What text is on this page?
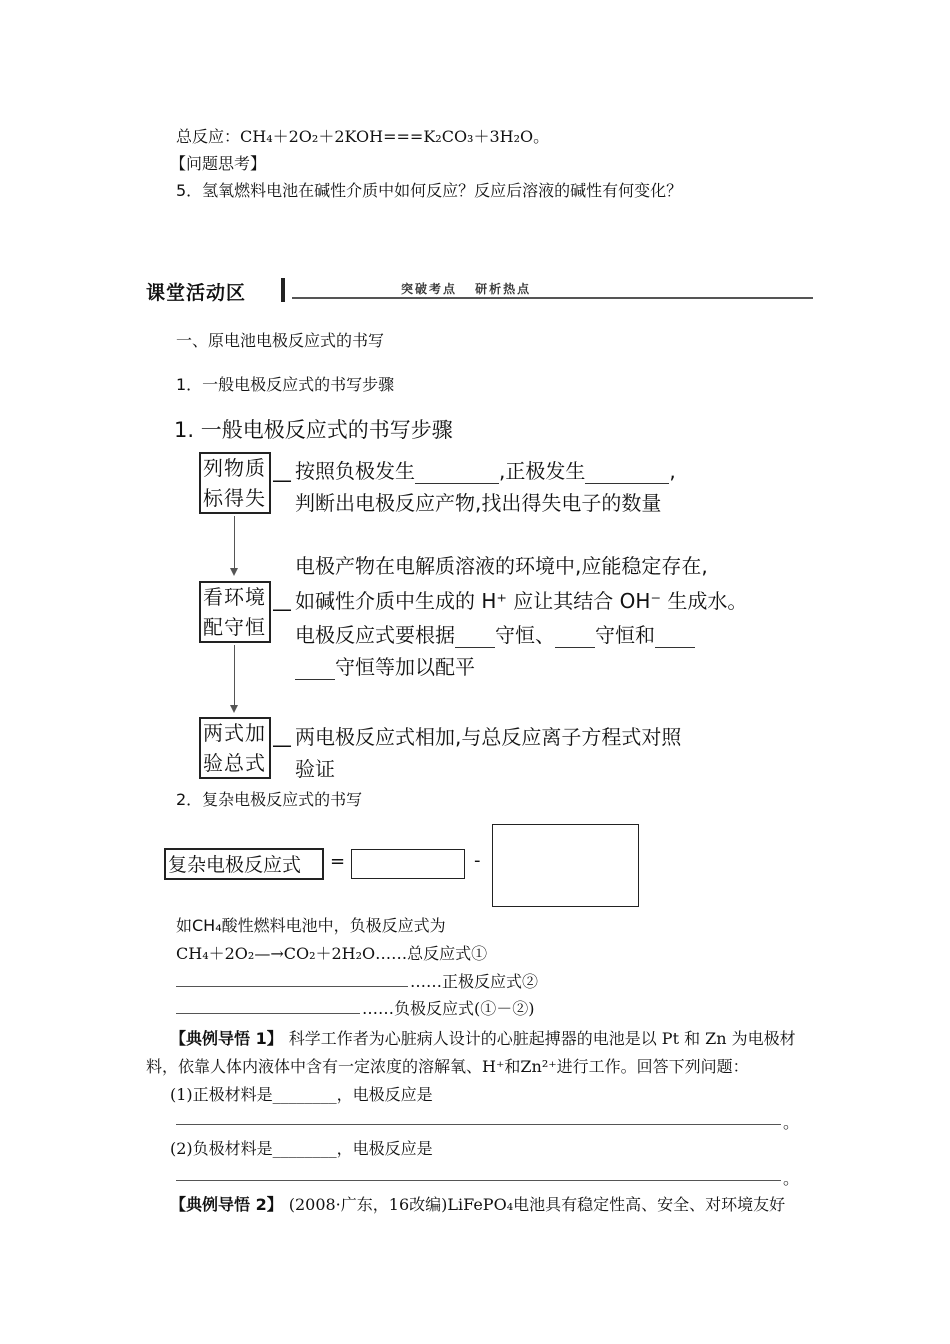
总反应：CH₄＋2O₂＋2KOH===K₂CO₃＋3H₂O。
【问题思考】
5．氢氧燃料电池在碱性介质中如何反应？反应后溶液的碱性有何变化？
课堂活动区	突破考点 研析热点
一、原电池电极反应式的书写
1．一般电极反应式的书写步骤
1. 一般电极反应式的书写步骤
列物质
标得失
— 按照负极发生	,正极发生	,
判断出电极反应产物,找出得失电子的数量
电极产物在电解质溶液的环境中,应能稳定存在,
看环境
配守恒
— 如碱性介质中生成的 H⁺ 应让其结合 OH⁻ 生成水。
电极反应式要根据 守恒、 守恒和
守恒等加以配平
两式加
验总式
— 两电极反应式相加,与总反应离子方程式对照
验证
2．复杂电极反应式的书写
复杂电极反应式 =	-
如CH₄酸性燃料电池中，负极反应式为
CH₄＋2O₂—→CO₂＋2H₂O……总反应式①
……正极反应式②
……负极反应式(①－②)
【典例导悟 1】 科学工作者为心脏病人设计的心脏起搏器的电池是以 Pt 和 Zn 为电极材
料，依靠人体内液体中含有一定浓度的溶解氧、H⁺和Zn²⁺进行工作。回答下列问题：
(1)正极材料是________，电极反应是
。
(2)负极材料是________，电极反应是
。
【典例导悟 2】 (2008·广东，16改编)LiFePO₄电池具有稳定性高、安全、对环境友好
